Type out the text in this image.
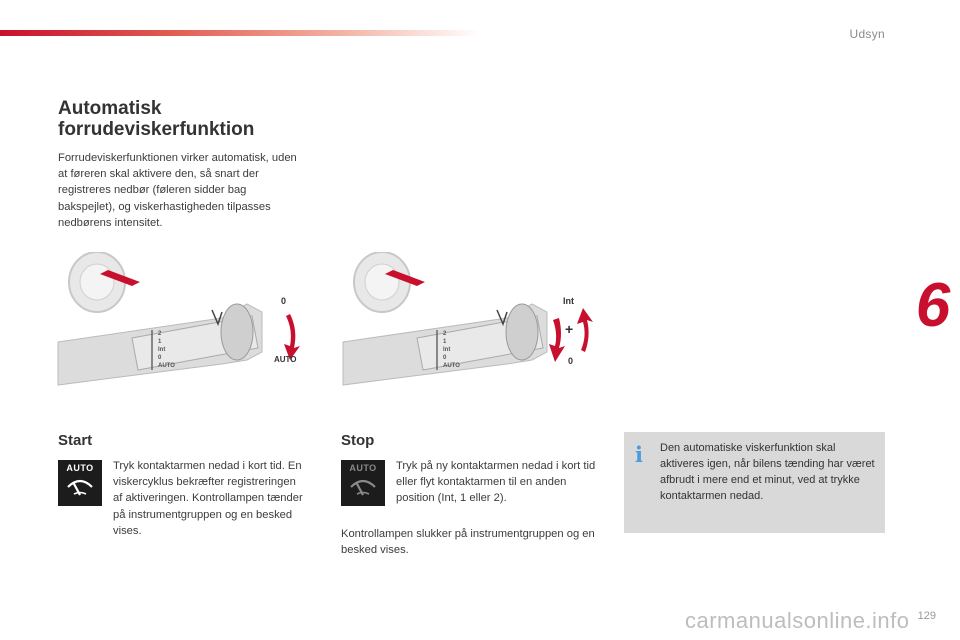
Udsyn
6
Automatisk forrudeviskerfunktion

Forrudeviskerfunktionen virker automatisk, uden at føreren skal aktivere den, så snart der registreres nedbør (føleren sidder bag bakspejlet), og viskerhastigheden tilpasses nedbørens intensitet.

2
1
Int
0
AUTO
0
AUTO
2
1
Int
0
AUTO
Int
+
0
Start
AUTO Tryk kontaktarmen nedad i kort tid. En viskercyklus bekræfter registreringen af aktiveringen. Kontrollampen tænder på instrumentgruppen og en besked vises.

Stop
AUTO Tryk på ny kontaktarmen nedad i kort tid eller flyt kontaktarmen til en anden position (Int, 1 eller 2).

Kontrollampen slukker på instrumentgruppen og en besked vises.

i Den automatiske viskerfunktion skal aktiveres igen, når bilens tænding har været afbrudt i mere end et minut, ved at trykke kontaktarmen nedad.

carmanualsonline.info 129
